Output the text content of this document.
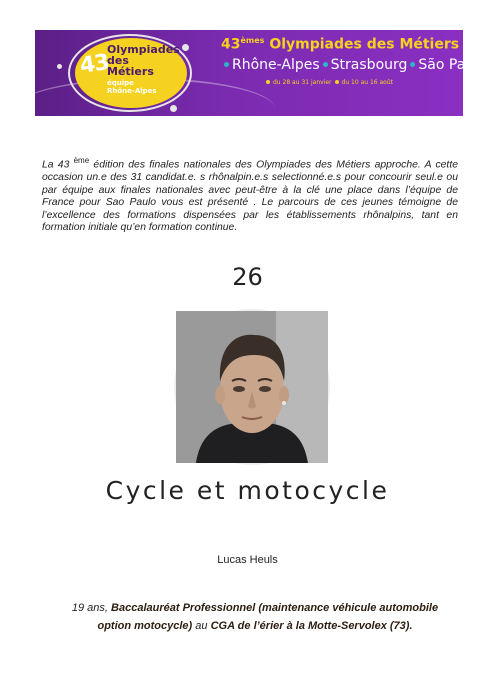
43
Olympiades
des
Métiers
équipe
Rhône-Alpes
43èmes Olympiades des Métiers
Rhône-Alpes Strasbourg São Paulo
du 28 au 31 janvier du 10 au 16 août

La 43 $^{ème}$ édition des finales nationales des Olympiades des Métiers approche. A cette occasion un.e des 31 candidat.e. s rhônalpin.e.s selectionné.e.s pour concourir seul.e ou par équipe aux finales nationales avec peut-être à la clé une place dans l’équipe de France pour Sao Paulo vous est présenté . Le parcours de ces jeunes témoigne de l’excellence des formations dispensées par les établissements rhônalpins, tant en formation initiale qu’en formation continue.

26
Cycle et motocycle
Lucas Heuls
19 ans, Baccalauréat Professionnel (maintenance véhicule automobile
option motocycle) au CGA de l’érier à la Motte-Servolex (73).
